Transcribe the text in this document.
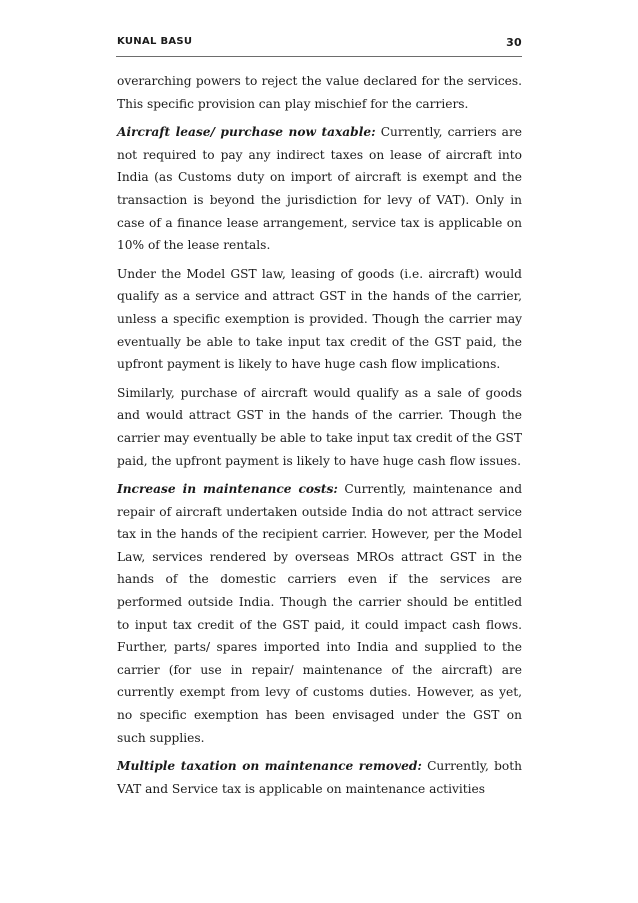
KUNAL BASU	30

overarching powers to reject the value declared for the services. This specific provision can play mischief for the carriers.

Aircraft lease/ purchase now taxable: Currently, carriers are not required to pay any indirect taxes on lease of aircraft into India (as Customs duty on import of aircraft is exempt and the transaction is beyond the jurisdiction for levy of VAT). Only in case of a finance lease arrangement, service tax is applicable on 10% of the lease rentals.

Under the Model GST law, leasing of goods (i.e. aircraft) would qualify as a service and attract GST in the hands of the carrier, unless a specific exemption is provided. Though the carrier may eventually be able to take input tax credit of the GST paid, the upfront payment is likely to have huge cash flow implications.

Similarly, purchase of aircraft would qualify as a sale of goods and would attract GST in the hands of the carrier. Though the carrier may eventually be able to take input tax credit of the GST paid, the upfront payment is likely to have huge cash flow issues.

Increase in maintenance costs: Currently, maintenance and repair of aircraft undertaken outside India do not attract service tax in the hands of the recipient carrier. However, per the Model Law, services rendered by overseas MROs attract GST in the hands of the domestic carriers even if the services are performed outside India. Though the carrier should be entitled to input tax credit of the GST paid, it could impact cash flows. Further, parts/ spares imported into India and supplied to the carrier (for use in repair/ maintenance of the aircraft) are currently exempt from levy of customs duties. However, as yet, no specific exemption has been envisaged under the GST on such supplies.

Multiple taxation on maintenance removed: Currently, both VAT and Service tax is applicable on maintenance activities
